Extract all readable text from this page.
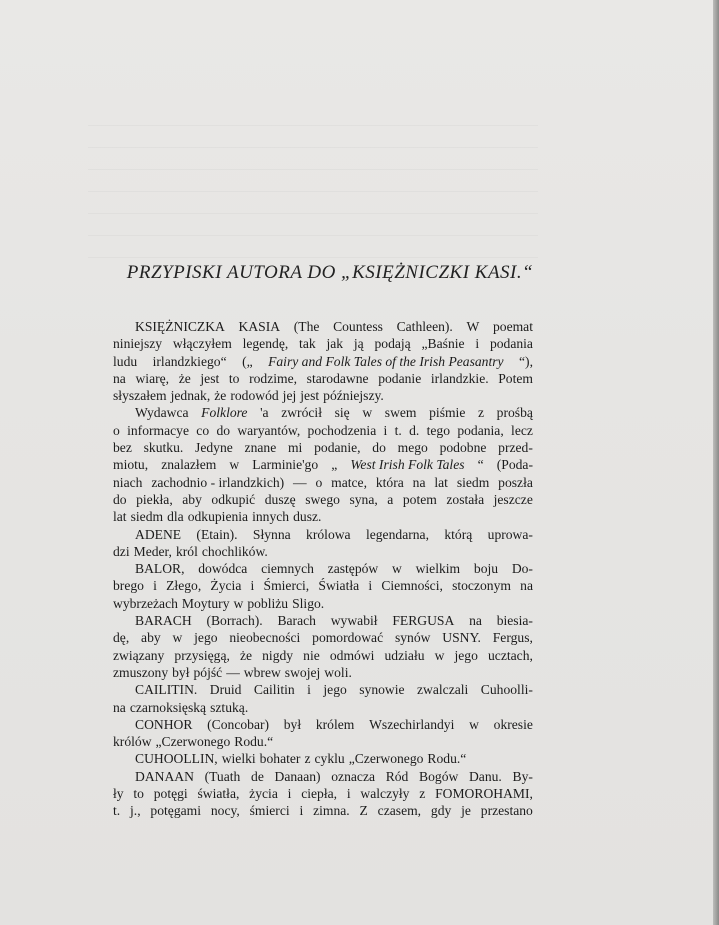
PRZYPISKI AUTORA DO „KSIĘŻNICZKI KASI.“
KSIĘŻNICZKA KASIA (The Countess Cathleen). W poemat
niniejszy włączyłem legendę, tak jak ją podają „Baśnie i podania
ludu irlandzkiego“ („ Fairy and Folk Tales of the Irish Peasantry “),
na wiarę, że jest to rodzime, starodawne podanie irlandzkie. Potem
słyszałem jednak, że rodowód jej jest późniejszy.
Wydawca Folklore 'a zwrócił się w swem piśmie z prośbą
o informacye co do waryantów, pochodzenia i t. d. tego podania, lecz
bez skutku. Jedyne znane mi podanie, do mego podobne przed-
miotu, znalazłem w Larminie'go „ West Irish Folk Tales “ (Poda-
niach zachodnio - irlandzkich) — o matce, która na lat siedm poszła
do piekła, aby odkupić duszę swego syna, a potem została jeszcze
lat siedm dla odkupienia innych dusz.
ADENE (Etain). Słynna królowa legendarna, którą uprowa-
dzi Meder, król chochlików.
BALOR, dowódca ciemnych zastępów w wielkim boju Do-
brego i Złego, Życia i Śmierci, Światła i Ciemności, stoczonym na
wybrzeżach Moytury w pobliżu Sligo.
BARACH (Borrach). Barach wywabił FERGUSA na biesia-
dę, aby w jego nieobecności pomordować synów USNY. Fergus,
związany przysięgą, że nigdy nie odmówi udziału w jego ucztach,
zmuszony był pójść — wbrew swojej woli.
CAILITIN. Druid Cailitin i jego synowie zwalczali Cuhoolli-
na czarnoksięską sztuką.
CONHOR (Concobar) był królem Wszechirlandyi w okresie
królów „Czerwonego Rodu.“
CUHOOLLIN, wielki bohater z cyklu „Czerwonego Rodu.“
DANAAN (Tuath de Danaan) oznacza Ród Bogów Danu. By-
ły to potęgi światła, życia i ciepła, i walczyły z FOMOROHAMI,
t. j., potęgami nocy, śmierci i zimna. Z czasem, gdy je przestano
